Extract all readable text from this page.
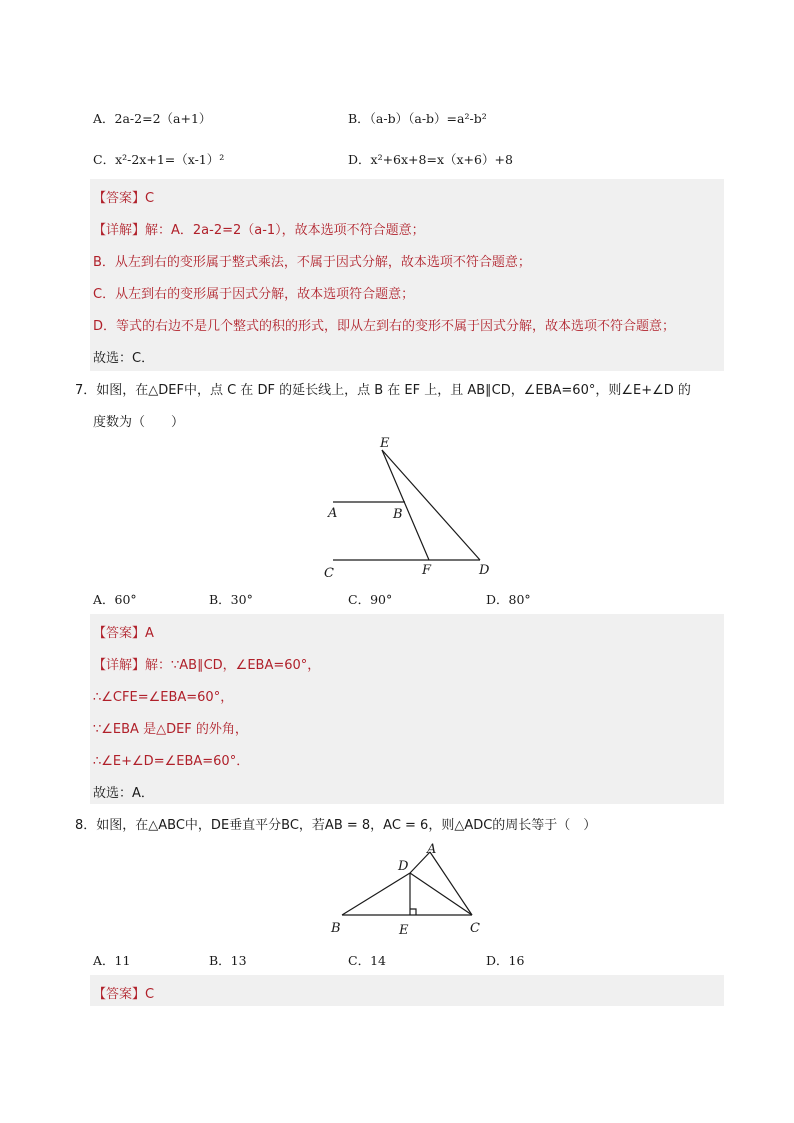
A．2a-2=2（a+1）	B．（a-b）（a-b）=a²-b²
C．x²-2x+1=（x-1）²	D．x²+6x+8=x（x+6）+8
【答案】C
【详解】解：A．2a-2=2（a-1），故本选项不符合题意；
B．从左到右的变形属于整式乘法，不属于因式分解，故本选项不符合题意；
C．从左到右的变形属于因式分解，故本选项符合题意；
D．等式的右边不是几个整式的积的形式，即从左到右的变形不属于因式分解，故本选项不符合题意；
故选：C．
7．如图，在△DEF中，点 C 在 DF 的延长线上，点 B 在 EF 上，且 AB∥CD，∠EBA=60°，则∠E+∠D 的
度数为（　　）
E
A	B
C	F	D
A．60°	B．30°	C．90°	D．80°
【答案】A
【详解】解：∵AB∥CD，∠EBA=60°，
∴∠CFE=∠EBA=60°，
∵∠EBA 是△DEF 的外角，
∴∠E+∠D=∠EBA=60°．
故选：A．
8．如图，在△ABC中，DE垂直平分BC，若AB = 8，AC = 6，则△ADC的周长等于（　）
D
A
B	E	C
A．11	B．13	C．14	D．16
【答案】C
